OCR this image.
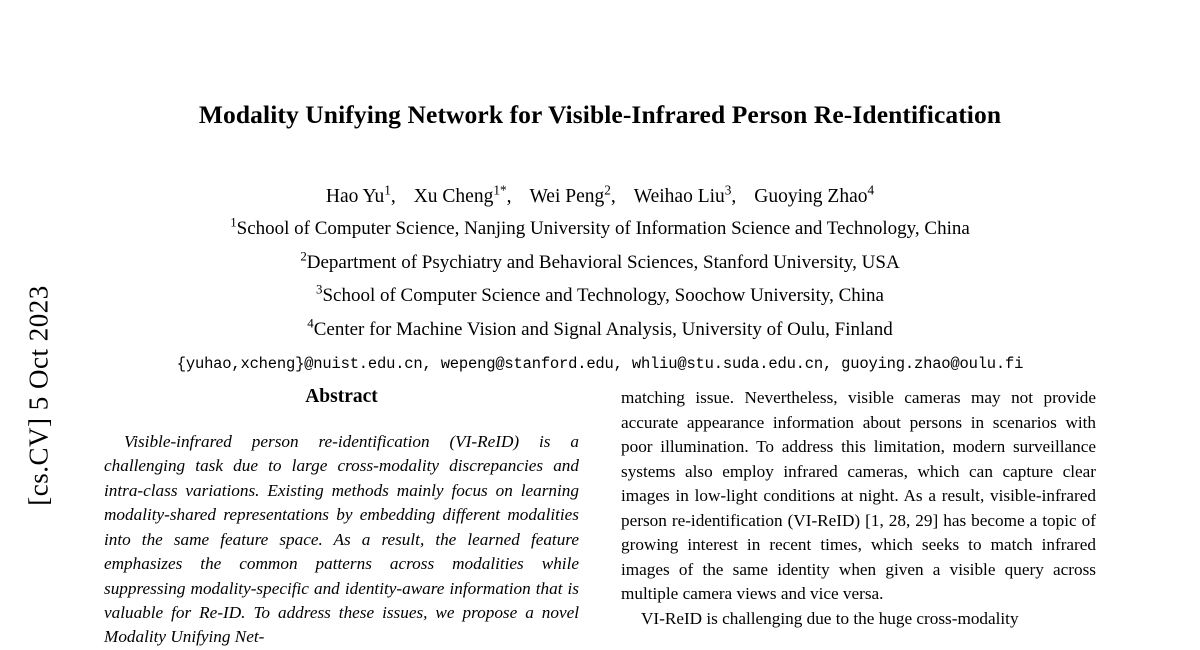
[cs.CV] 5 Oct 2023
Modality Unifying Network for Visible-Infrared Person Re-Identification
Hao Yu$^1$, Xu Cheng$^{1*}$, Wei Peng$^2$, Weihao Liu$^3$, Guoying Zhao$^4$
$^1$School of Computer Science, Nanjing University of Information Science and Technology, China
$^2$Department of Psychiatry and Behavioral Sciences, Stanford University, USA
$^3$School of Computer Science and Technology, Soochow University, China
$^4$Center for Machine Vision and Signal Analysis, University of Oulu, Finland
{yuhao,xcheng}@nuist.edu.cn, wepeng@stanford.edu, whliu@stu.suda.edu.cn, guoying.zhao@oulu.fi
Abstract
Visible-infrared person re-identification (VI-ReID) is a challenging task due to large cross-modality discrepancies and intra-class variations. Existing methods mainly focus on learning modality-shared representations by embedding different modalities into the same feature space. As a result, the learned feature emphasizes the common patterns across modalities while suppressing modality-specific and identity-aware information that is valuable for Re-ID. To address these issues, we propose a novel Modality Unifying Net-

matching issue. Nevertheless, visible cameras may not provide accurate appearance information about persons in scenarios with poor illumination. To address this limitation, modern surveillance systems also employ infrared cameras, which can capture clear images in low-light conditions at night. As a result, visible-infrared person re-identification (VI-ReID) [1, 28, 29] has become a topic of growing interest in recent times, which seeks to match infrared images of the same identity when given a visible query across multiple camera views and vice versa.

VI-ReID is challenging due to the huge cross-modality
